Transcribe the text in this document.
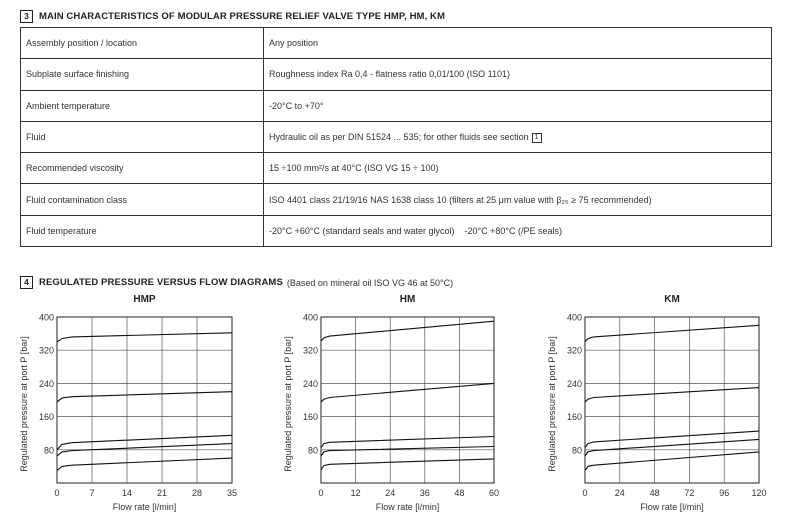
3	MAIN CHARACTERISTICS OF MODULAR PRESSURE RELIEF VALVE TYPE HMP, HM, KM
Assembly position / location	Any position
Subplate surface finishing	Roughness index Ra 0,4 - flatness ratio 0,01/100 (ISO 1101)
Ambient temperature	-20°C to +70°
Fluid	Hydraulic oil as per DIN 51524 ... 535; for other fluids see section 1
Recommended viscosity	15 ÷100 mm²/s at 40°C (ISO VG 15 ÷ 100)
Fluid contamination class	ISO 4401 class 21/19/16 NAS 1638 class 10 (filters at 25 μm value with β₂₅ ≥ 75 recommended)
Fluid temperature	-20°C +60°C (standard seals and water glycol)    -20°C +80°C (/PE seals)
4	REGULATED PRESSURE VERSUS FLOW DIAGRAMS (Based on mineral oil ISO VG 46 at 50°C)
HMP
0	7	14	21	28	35
80
160
240
320
400
Flow rate [l/min]
Regulated pressure at port P [bar]
HM
0	12	24	36	48	60
80
160
240
320
400
Flow rate [l/min]
Regulated pressure at port P [bar]
KM
0	24	48	72	96 120
80
160
240
320
400
Flow rate [l/min]
Regulated pressure at port P [bar]
